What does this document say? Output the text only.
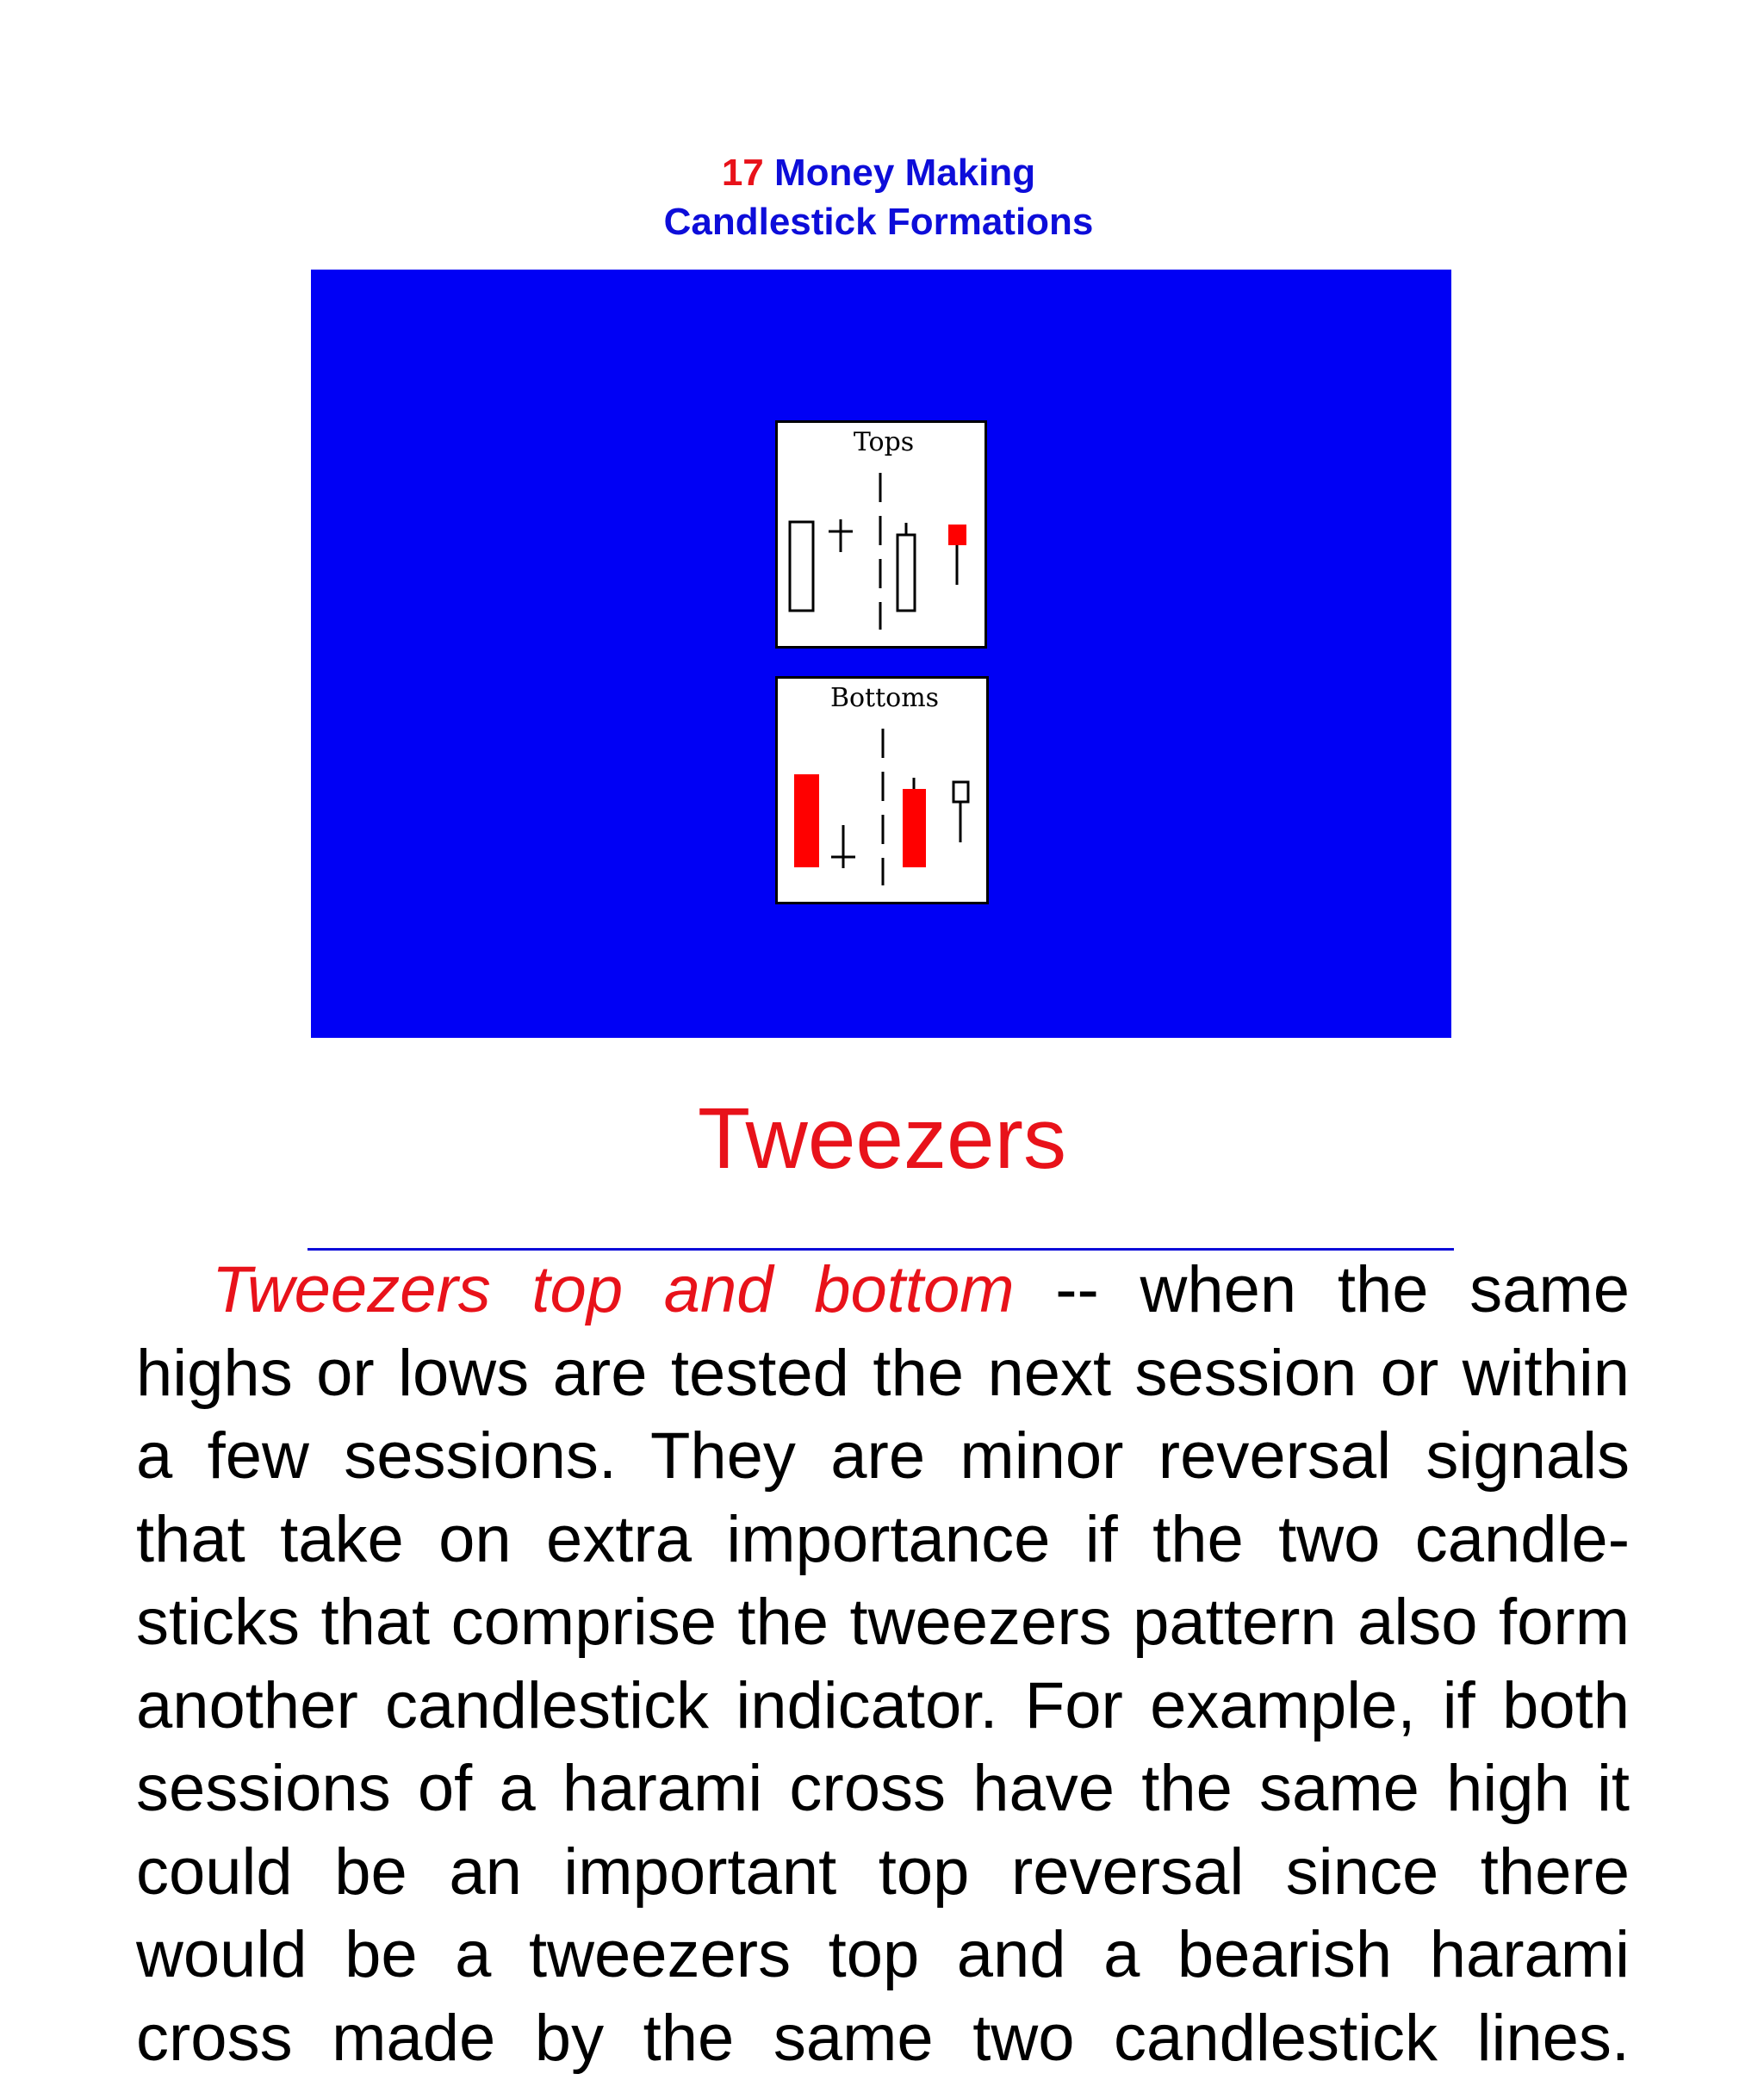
17 Money Making
Candlestick Formations
Tops
Bottoms
Tweezers
Tweezers top and bottom -- when the same
highs or lows are tested the next session or within
a few sessions. They are minor reversal signals
that take on extra importance if the two candle-
sticks that comprise the tweezers pattern also form
another candlestick indicator. For example, if both
sessions of a harami cross have the same high it
could be an important top reversal since there
would be a tweezers top and a bearish harami
cross made by the same two candlestick lines.
